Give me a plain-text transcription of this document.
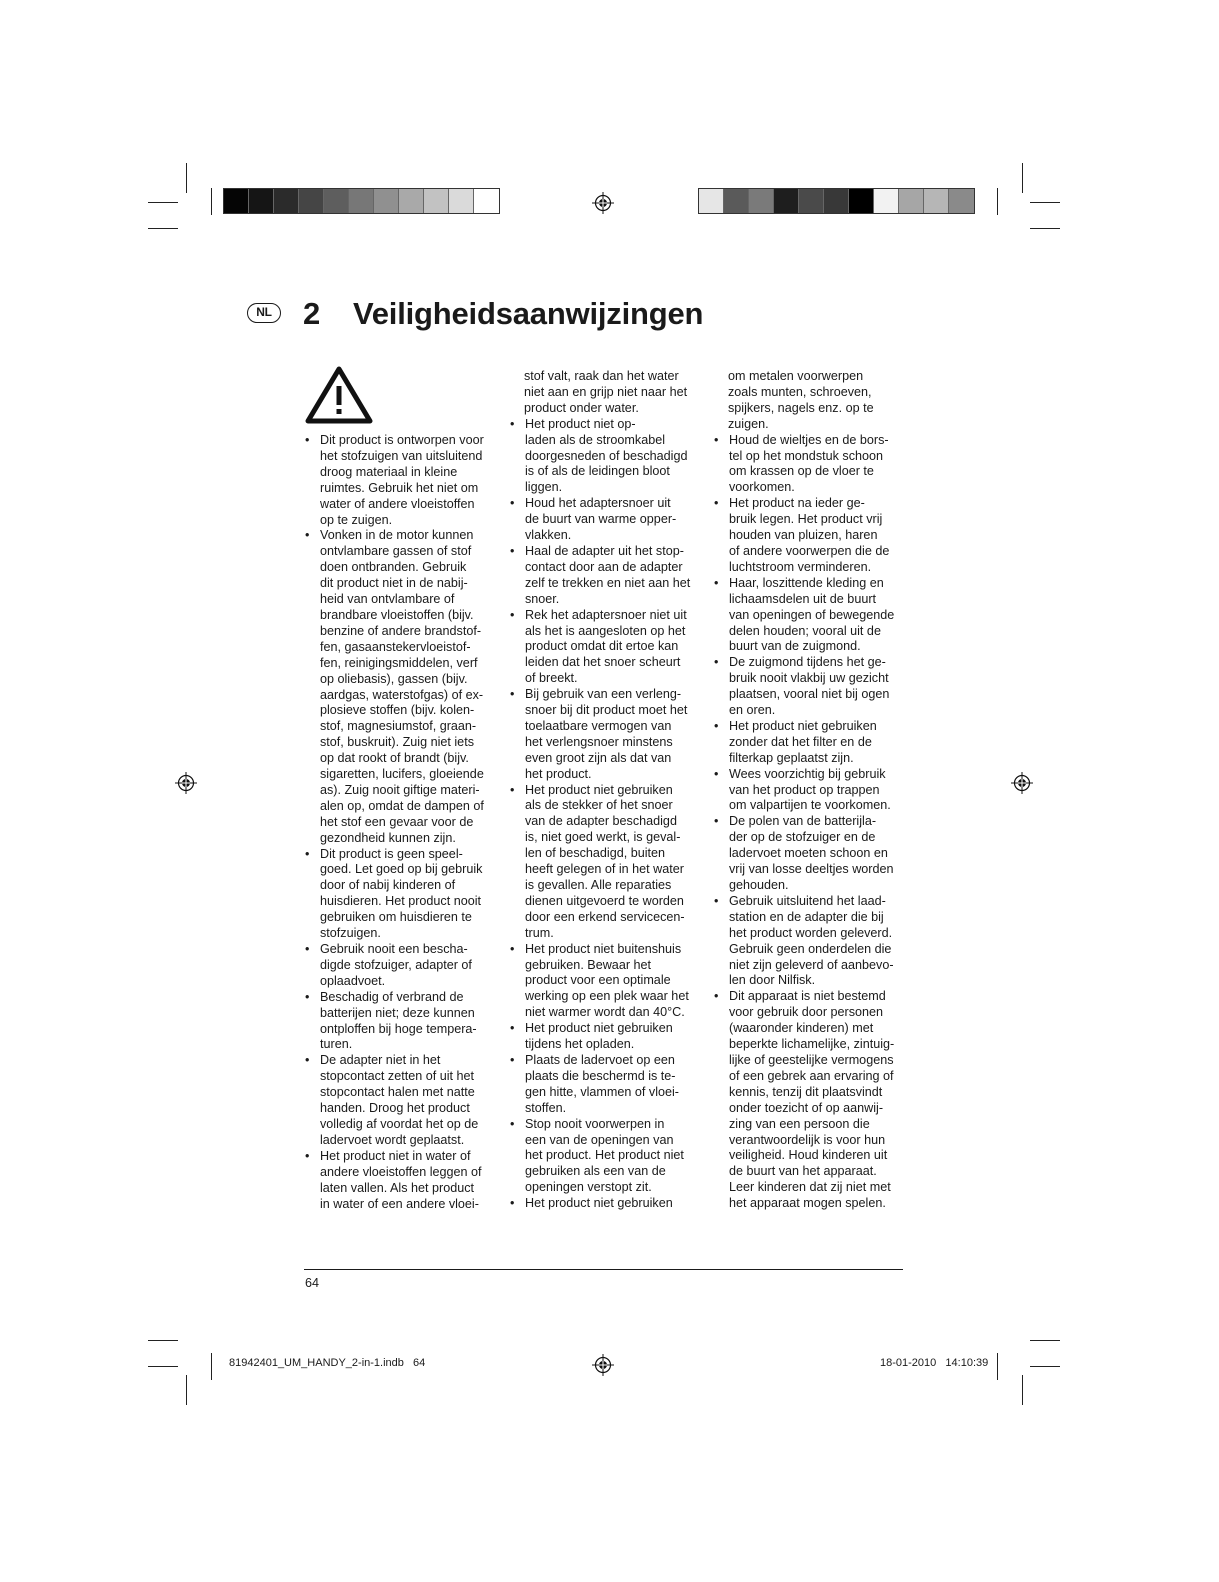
NL 2 Veiligheidsaanwijzingen
• Dit product is ontworpen voor
het stofzuigen van uitsluitend
droog materiaal in kleine
ruimtes. Gebruik het niet om
water of andere vloeistoffen
op te zuigen.
• Vonken in de motor kunnen
ontvlambare gassen of stof
doen ontbranden. Gebruik
dit product niet in de nabij-
heid van ontvlambare of
brandbare vloeistoffen (bijv.
benzine of andere brandstof-
fen, gasaanstekervloeistof-
fen, reinigingsmiddelen, verf
op oliebasis), gassen (bijv.
aardgas, waterstofgas) of ex-
plosieve stoffen (bijv. kolen-
stof, magnesiumstof, graan-
stof, buskruit). Zuig niet iets
op dat rookt of brandt (bijv.
sigaretten, lucifers, gloeiende
as). Zuig nooit giftige materi-
alen op, omdat de dampen of
het stof een gevaar voor de
gezondheid kunnen zijn.
• Dit product is geen speel-
goed. Let goed op bij gebruik
door of nabij kinderen of
huisdieren. Het product nooit
gebruiken om huisdieren te
stofzuigen.
• Gebruik nooit een bescha-
digde stofzuiger, adapter of
oplaadvoet.
• Beschadig of verbrand de
batterijen niet; deze kunnen
ontploffen bij hoge tempera-
turen.
• De adapter niet in het
stopcontact zetten of uit het
stopcontact halen met natte
handen. Droog het product
volledig af voordat het op de
ladervoet wordt geplaatst.
• Het product niet in water of
andere vloeistoffen leggen of
laten vallen. Als het product
in water of een andere vloei-
stof valt, raak dan het water
niet aan en grijp niet naar het
product onder water.
• Het product niet op-
laden als de stroomkabel
doorgesneden of beschadigd
is of als de leidingen bloot
liggen.
• Houd het adaptersnoer uit
de buurt van warme opper-
vlakken.
• Haal de adapter uit het stop-
contact door aan de adapter
zelf te trekken en niet aan het
snoer.
• Rek het adaptersnoer niet uit
als het is aangesloten op het
product omdat dit ertoe kan
leiden dat het snoer scheurt
of breekt.
• Bij gebruik van een verleng-
snoer bij dit product moet het
toelaatbare vermogen van
het verlengsnoer minstens
even groot zijn als dat van
het product.
• Het product niet gebruiken
als de stekker of het snoer
van de adapter beschadigd
is, niet goed werkt, is geval-
len of beschadigd, buiten
heeft gelegen of in het water
is gevallen. Alle reparaties
dienen uitgevoerd te worden
door een erkend servicecen-
trum.
• Het product niet buitenshuis
gebruiken. Bewaar het
product voor een optimale
werking op een plek waar het
niet warmer wordt dan 40°C.
• Het product niet gebruiken
tijdens het opladen.
• Plaats de ladervoet op een
plaats die beschermd is te-
gen hitte, vlammen of vloei-
stoffen.
• Stop nooit voorwerpen in
een van de openingen van
het product. Het product niet
gebruiken als een van de
openingen verstopt zit.
• Het product niet gebruiken
om metalen voorwerpen
zoals munten, schroeven,
spijkers, nagels enz. op te
zuigen.
• Houd de wieltjes en de bors-
tel op het mondstuk schoon
om krassen op de vloer te
voorkomen.
• Het product na ieder ge-
bruik legen. Het product vrij
houden van pluizen, haren
of andere voorwerpen die de
luchtstroom verminderen.
• Haar, loszittende kleding en
lichaamsdelen uit de buurt
van openingen of bewegende
delen houden; vooral uit de
buurt van de zuigmond.
• De zuigmond tijdens het ge-
bruik nooit vlakbij uw gezicht
plaatsen, vooral niet bij ogen
en oren.
• Het product niet gebruiken
zonder dat het filter en de
filterkap geplaatst zijn.
• Wees voorzichtig bij gebruik
van het product op trappen
om valpartijen te voorkomen.
• De polen van de batterijla-
der op de stofzuiger en de
ladervoet moeten schoon en
vrij van losse deeltjes worden
gehouden.
• Gebruik uitsluitend het laad-
station en de adapter die bij
het product worden geleverd.
Gebruik geen onderdelen die
niet zijn geleverd of aanbevo-
len door Nilfisk.
• Dit apparaat is niet bestemd
voor gebruik door personen
(waaronder kinderen) met
beperkte lichamelijke, zintuig-
lijke of geestelijke vermogens
of een gebrek aan ervaring of
kennis, tenzij dit plaatsvindt
onder toezicht of op aanwij-
zing van een persoon die
verantwoordelijk is voor hun
veiligheid. Houd kinderen uit
de buurt van het apparaat.
Leer kinderen dat zij niet met
het apparaat mogen spelen.
64
81942401_UM_HANDY_2-in-1.indb   64	18-01-2010   14:10:39
